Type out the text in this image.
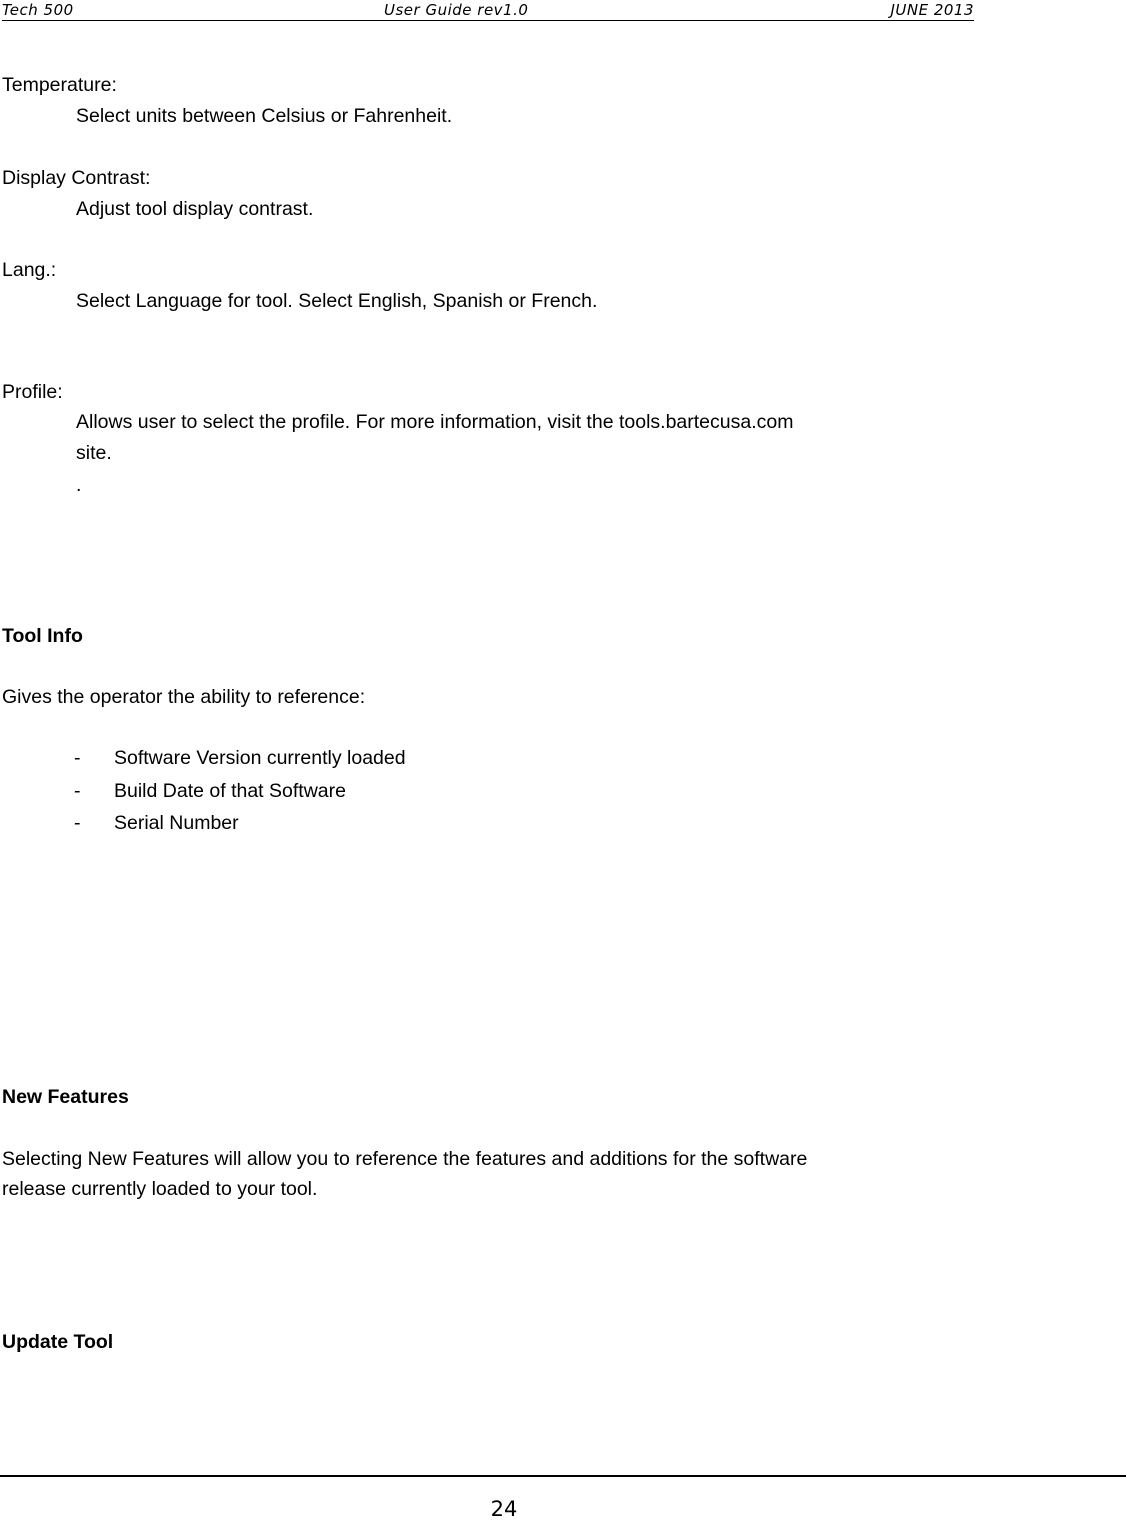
Tech 500	User Guide rev1.0	JUNE 2013
Temperature:
Select units between Celsius or Fahrenheit.
Display Contrast:
Adjust tool display contrast.
Lang.:
Select Language for tool. Select English, Spanish or French.
Profile:
Allows user to select the profile. For more information, visit the tools.bartecusa.com
site.
.
Tool Info
Gives the operator the ability to reference:
- Software Version currently loaded
- Build Date of that Software
- Serial Number
New Features
Selecting New Features will allow you to reference the features and additions for the software
release currently loaded to your tool.
Update Tool
24
